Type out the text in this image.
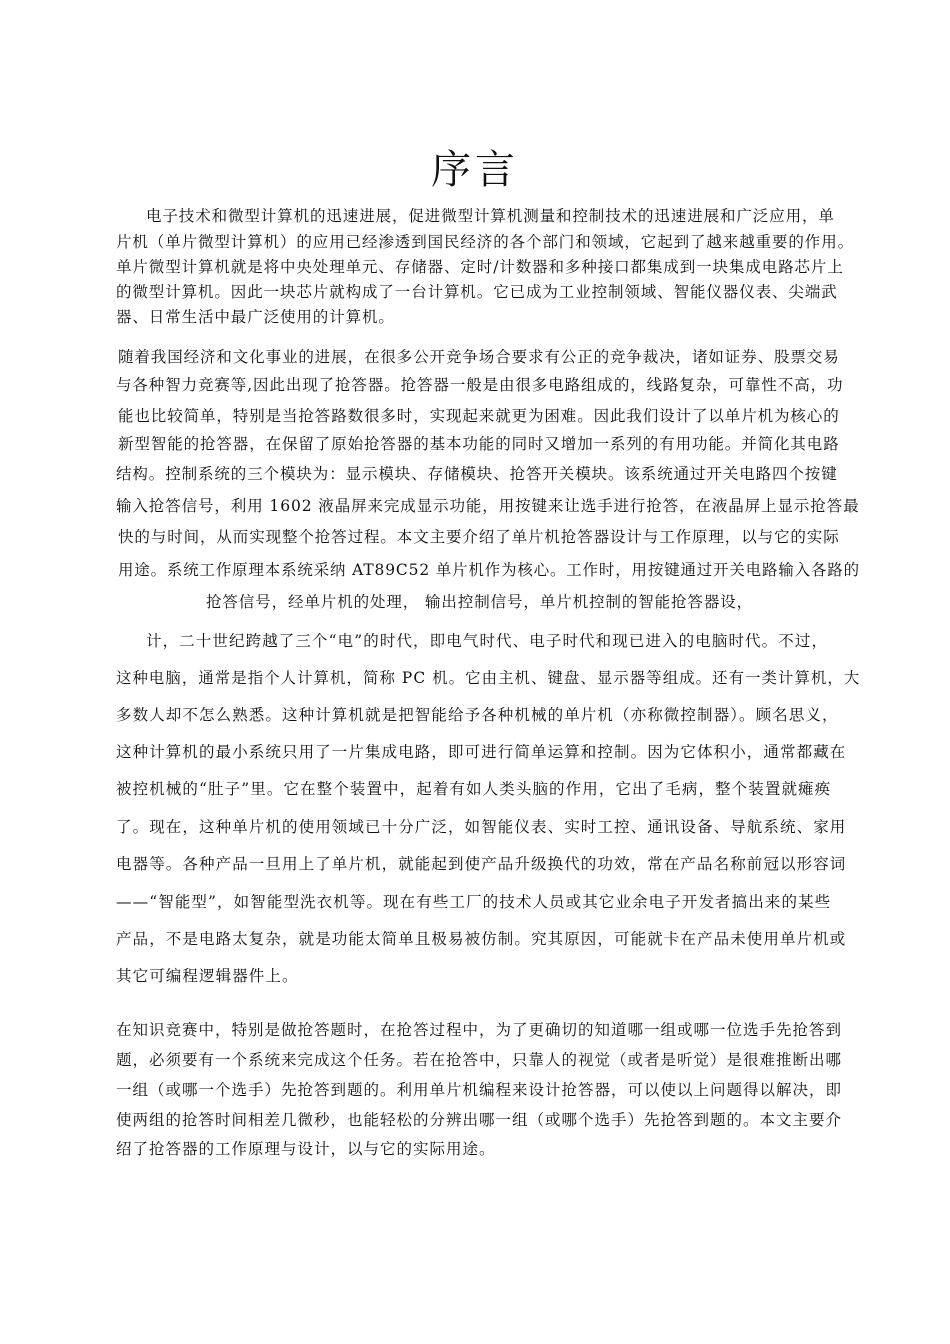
序言
电子技术和微型计算机的迅速进展，促进微型计算机测量和控制技术的迅速进展和广泛应用，单
片机（单片微型计算机）的应用已经渗透到国民经济的各个部门和领域，它起到了越来越重要的作用。
单片微型计算机就是将中央处理单元、存储器、定时/计数器和多种接口都集成到一块集成电路芯片上
的微型计算机。因此一块芯片就构成了一台计算机。它已成为工业控制领域、智能仪器仪表、尖端武
器、日常生活中最广泛使用的计算机。
随着我国经济和文化事业的进展，在很多公开竞争场合要求有公正的竞争裁决，诸如证券、股票交易
与各种智力竞赛等,因此出现了抢答器。抢答器一般是由很多电路组成的，线路复杂，可靠性不高，功
能也比较简单，特别是当抢答路数很多时，实现起来就更为困难。因此我们设计了以单片机为核心的
新型智能的抢答器，在保留了原始抢答器的基本功能的同时又增加一系列的有用功能。并简化其电路
结构。控制系统的三个模块为：显示模块、存储模块、抢答开关模块。该系统通过开关电路四个按键
输入抢答信号，利用 1602 液晶屏来完成显示功能，用按键来让选手进行抢答，在液晶屏上显示抢答最
快的与时间，从而实现整个抢答过程。本文主要介绍了单片机抢答器设计与工作原理，以与它的实际
用途。系统工作原理本系统采纳 AT89C52 单片机作为核心。工作时，用按键通过开关电路输入各路的
抢答信号，经单片机的处理， 输出控制信号，单片机控制的智能抢答器设，
计，二十世纪跨越了三个“电”的时代，即电气时代、电子时代和现已进入的电脑时代。不过，
这种电脑，通常是指个人计算机，简称 PC 机。它由主机、键盘、显示器等组成。还有一类计算机，大
多数人却不怎么熟悉。这种计算机就是把智能给予各种机械的单片机（亦称微控制器）。顾名思义，
这种计算机的最小系统只用了一片集成电路，即可进行简单运算和控制。因为它体积小，通常都藏在
被控机械的“肚子”里。它在整个装置中，起着有如人类头脑的作用，它出了毛病，整个装置就瘫痪
了。现在，这种单片机的使用领域已十分广泛，如智能仪表、实时工控、通讯设备、导航系统、家用
电器等。各种产品一旦用上了单片机，就能起到使产品升级换代的功效，常在产品名称前冠以形容词
——“智能型”，如智能型洗衣机等。现在有些工厂的技术人员或其它业余电子开发者搞出来的某些
产品，不是电路太复杂，就是功能太简单且极易被仿制。究其原因，可能就卡在产品未使用单片机或
其它可编程逻辑器件上。
在知识竞赛中，特别是做抢答题时，在抢答过程中，为了更确切的知道哪一组或哪一位选手先抢答到
题，必须要有一个系统来完成这个任务。若在抢答中，只靠人的视觉（或者是听觉）是很难推断出哪
一组（或哪一个选手）先抢答到题的。利用单片机编程来设计抢答器，可以使以上问题得以解决，即
使两组的抢答时间相差几微秒，也能轻松的分辨出哪一组（或哪个选手）先抢答到题的。本文主要介
绍了抢答器的工作原理与设计，以与它的实际用途。
